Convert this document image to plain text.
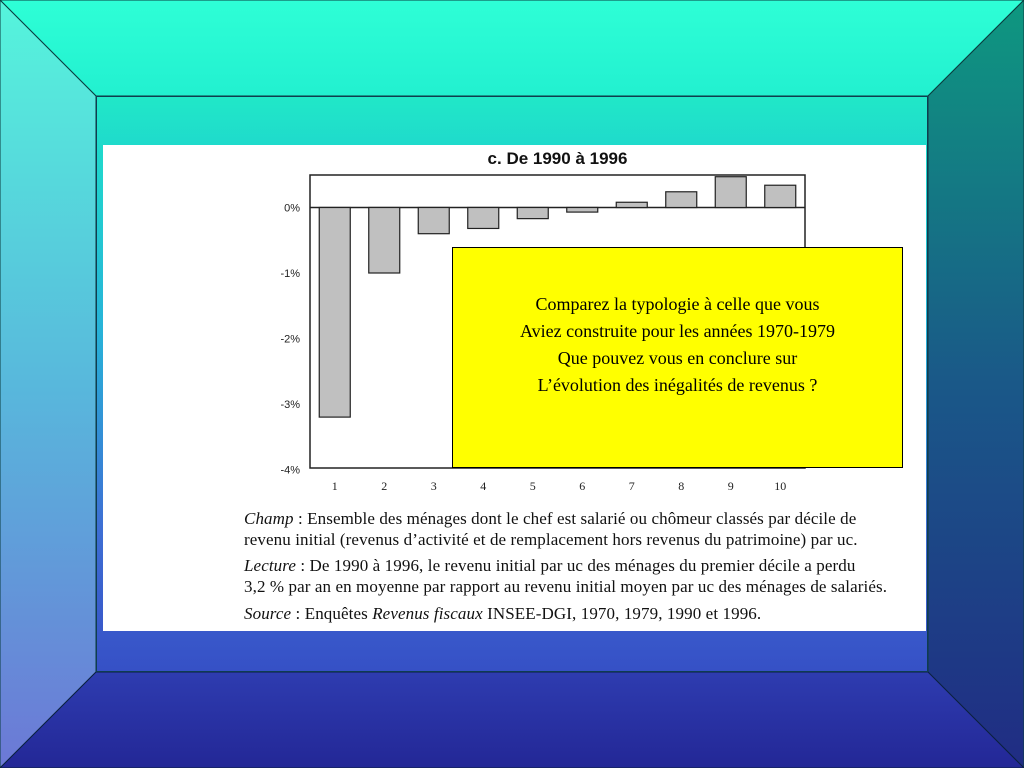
c. De 1990 à 1996
0%
-1%
-2%
-3%
-4%
1	2	3	4	5	6	7	8	9	10
Champ : Ensemble des ménages dont le chef est salarié ou chômeur classés par décile de
revenu initial (revenus d’activité et de remplacement hors revenus du patrimoine) par uc.
Lecture : De 1990 à 1996, le revenu initial par uc des ménages du premier décile a perdu
3,2 % par an en moyenne par rapport au revenu initial moyen par uc des ménages de salariés.
Source : Enquêtes Revenus fiscaux INSEE-DGI, 1970, 1979, 1990 et 1996.
Comparez la typologie à celle que vous
Aviez construite pour les années 1970-1979
Que pouvez vous en conclure sur
L’évolution des inégalités de revenus ?
